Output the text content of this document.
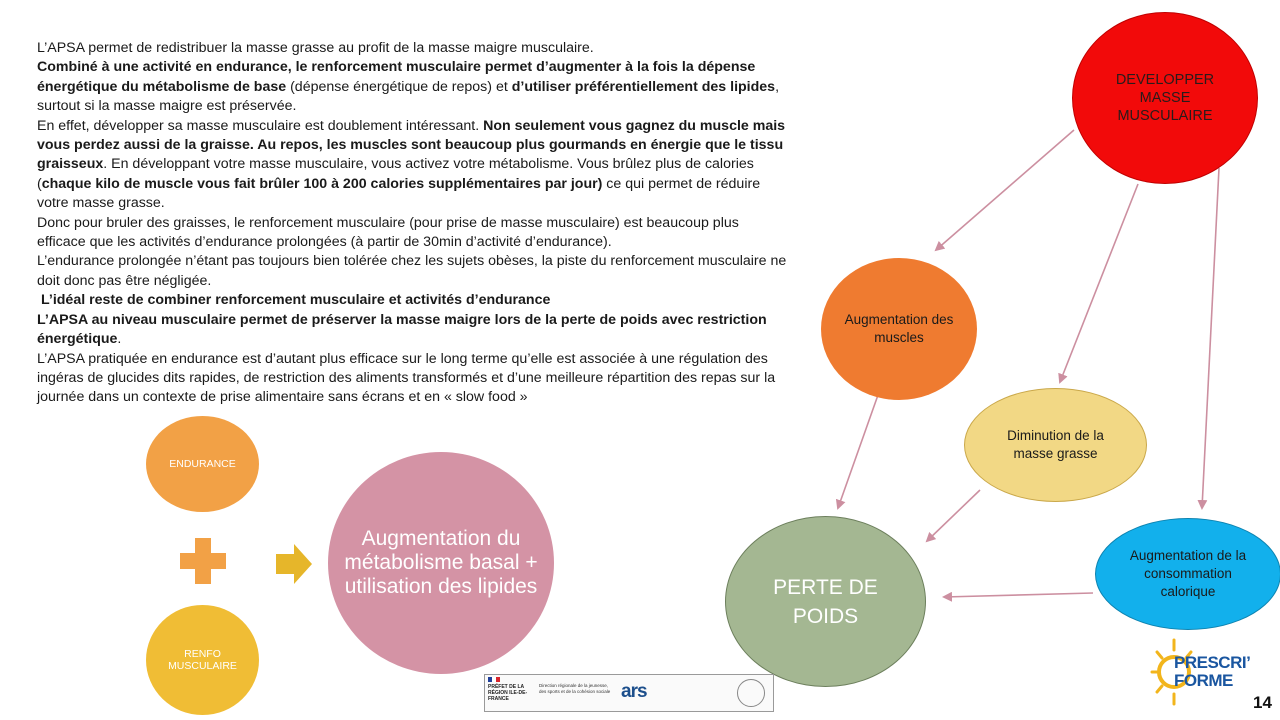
L’APSA permet de redistribuer la masse grasse au profit de la masse maigre musculaire.

Combiné à une activité en endurance, le renforcement musculaire permet d’augmenter à la fois la dépense énergétique du métabolisme de base (dépense énergétique de repos) et d’utiliser préférentiellement des lipides, surtout si la masse maigre est préservée.

En effet, développer sa masse musculaire est doublement intéressant. Non seulement vous gagnez du muscle mais vous perdez aussi de la graisse. Au repos, les muscles sont beaucoup plus gourmands en énergie que le tissu graisseux. En développant votre masse musculaire, vous activez votre métabolisme. Vous brûlez plus de calories (chaque kilo de muscle vous fait brûler 100 à 200 calories supplémentaires par jour) ce qui permet de réduire votre masse grasse.

Donc pour bruler des graisses, le renforcement musculaire (pour prise de masse musculaire) est beaucoup plus efficace que les activités d’endurance prolongées (à partir de 30min d’activité d’endurance).

L’endurance prolongée n’étant pas toujours bien tolérée chez les sujets obèses, la piste du renforcement musculaire ne doit donc pas être négligée.

L’idéal reste de combiner renforcement musculaire et activités d’endurance

L’APSA au niveau musculaire permet de préserver la masse maigre lors de la perte de poids avec restriction énergétique.

L’APSA pratiquée en endurance est d’autant plus efficace sur le long terme qu’elle est associée à une régulation des ingéras de glucides dits rapides, de restriction des aliments transformés et d’une meilleure répartition des repas sur la journée dans un contexte de prise alimentaire sans écrans et en « slow food »

ENDURANCE
RENFO MUSCULAIRE
Augmentation du métabolisme basal + utilisation des lipides
DEVELOPPER MASSE MUSCULAIRE
Augmentation des muscles
Diminution de la masse grasse
PERTE DE POIDS
Augmentation de la consommation calorique
PRÉFET DE LA RÉGION ILE-DE-FRANCE
Direction régionale de la jeunesse, des sports et de la cohésion sociale ars
PRESCRI’ FORME
14
